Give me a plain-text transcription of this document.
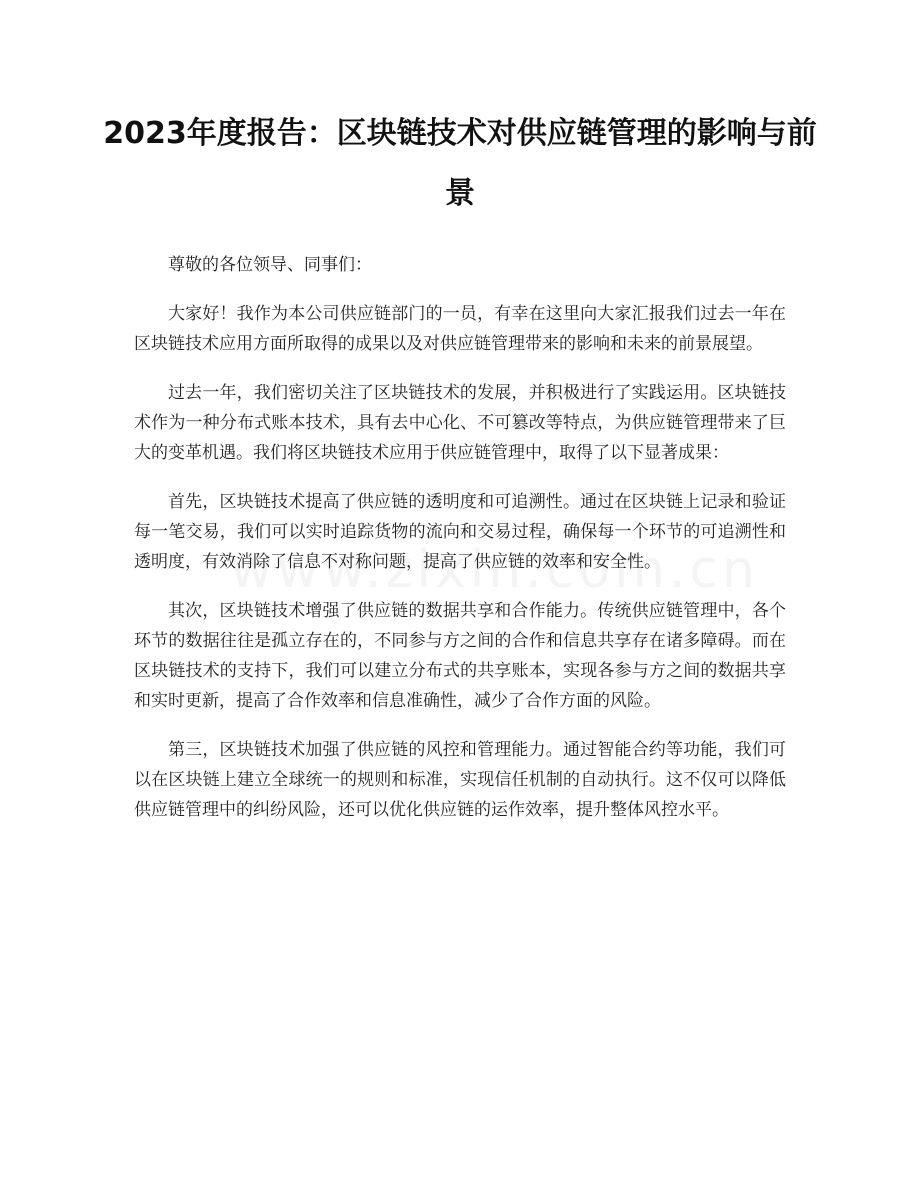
2023年度报告：区块链技术对供应链管理的影响与前景

尊敬的各位领导、同事们：

大家好！我作为本公司供应链部门的一员，有幸在这里向大家汇报我们过去一年在区块链技术应用方面所取得的成果以及对供应链管理带来的影响和未来的前景展望。

过去一年，我们密切关注了区块链技术的发展，并积极进行了实践运用。区块链技术作为一种分布式账本技术，具有去中心化、不可篡改等特点，为供应链管理带来了巨大的变革机遇。我们将区块链技术应用于供应链管理中，取得了以下显著成果：

首先，区块链技术提高了供应链的透明度和可追溯性。通过在区块链上记录和验证每一笔交易，我们可以实时追踪货物的流向和交易过程，确保每一个环节的可追溯性和透明度，有效消除了信息不对称问题，提高了供应链的效率和安全性。

其次，区块链技术增强了供应链的数据共享和合作能力。传统供应链管理中，各个环节的数据往往是孤立存在的，不同参与方之间的合作和信息共享存在诸多障碍。而在区块链技术的支持下，我们可以建立分布式的共享账本，实现各参与方之间的数据共享和实时更新，提高了合作效率和信息准确性，减少了合作方面的风险。

第三，区块链技术加强了供应链的风控和管理能力。通过智能合约等功能，我们可以在区块链上建立全球统一的规则和标准，实现信任机制的自动执行。这不仅可以降低供应链管理中的纠纷风险，还可以优化供应链的运作效率，提升整体风控水平。
